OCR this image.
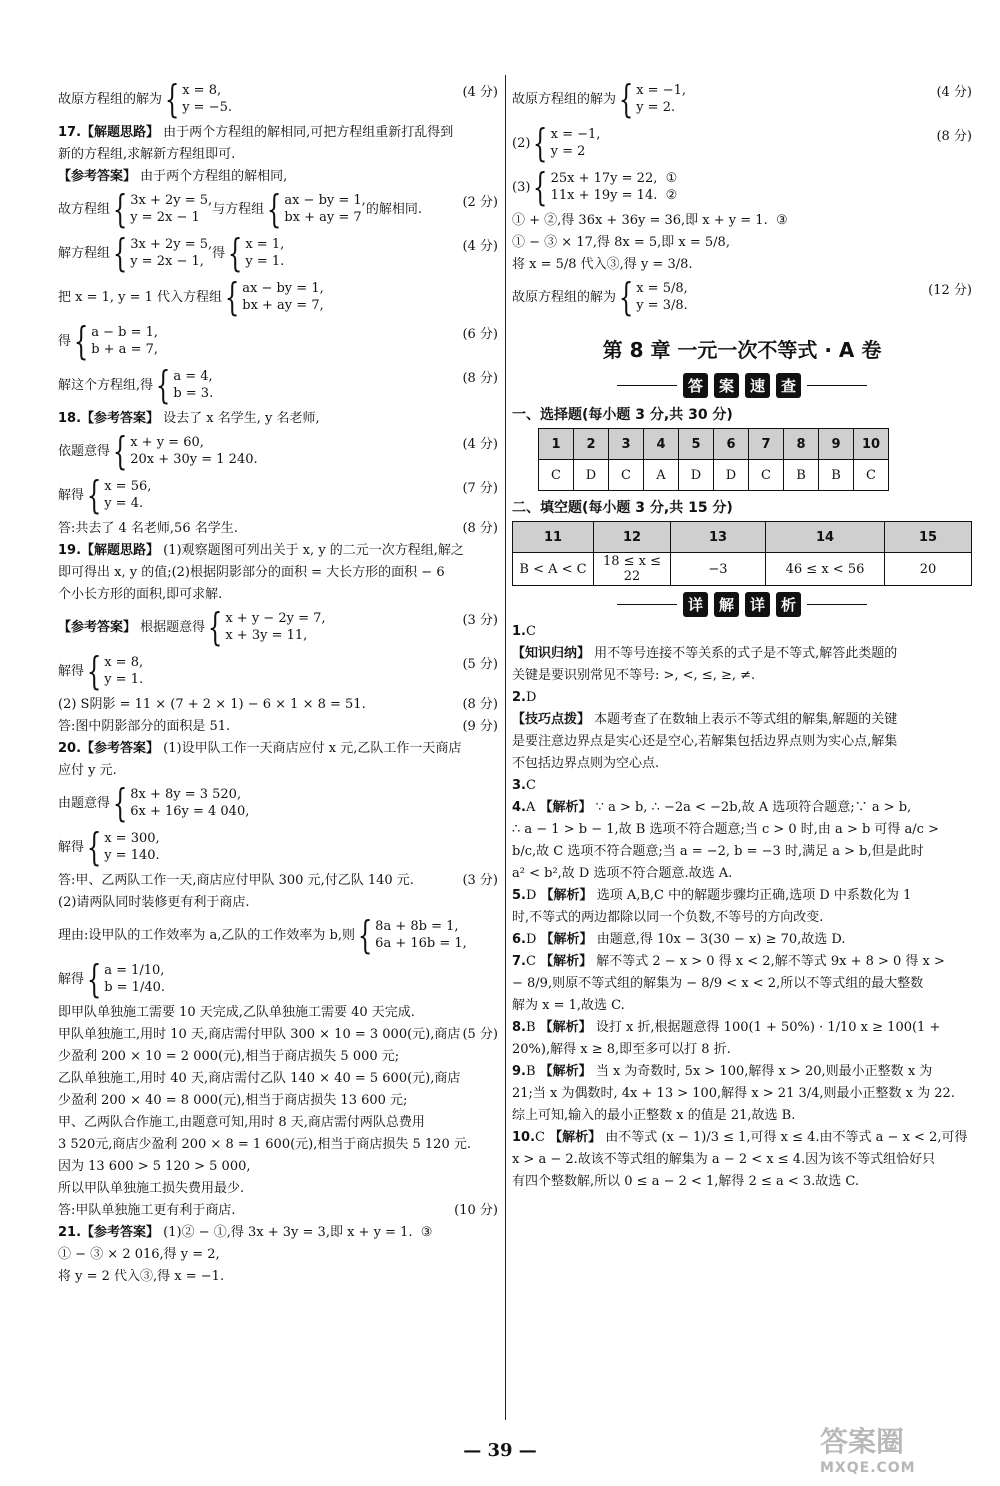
故原方程组的解为 { x = 8,
y = −5.
(4 分)
17.【解题思路】 由于两个方程组的解相同,可把方程组重新打乱得到
新的方程组,求解新方程组即可.
【参考答案】 由于两个方程组的解相同,
故方程组 { 3x + 2y = 5,
y = 2x − 1
与方程组 { ax − by = 1,
bx + ay = 7
的解相同.	(2 分)
解方程组 { 3x + 2y = 5,
y = 2x − 1,
得 { x = 1,
y = 1.
(4 分)
把 x = 1, y = 1 代入方程组 { ax − by = 1,
bx + ay = 7,
得 { a − b = 1,
b + a = 7,
(6 分)
解这个方程组,得 { a = 4,
b = 3.
(8 分)
18.【参考答案】 设去了 x 名学生, y 名老师,
依题意得 { x + y = 60,
20x + 30y = 1 240.
(4 分)
解得 { x = 56,
y = 4.
(7 分)
答:共去了 4 名老师,56 名学生.	(8 分)
19.【解题思路】 (1)观察题图可列出关于 x, y 的二元一次方程组,解之
即可得出 x, y 的值;(2)根据阴影部分的面积 = 大长方形的面积 − 6
个小长方形的面积,即可求解.
【参考答案】 根据题意得 { x + y − 2y = 7,
x + 3y = 11,
(3 分)
解得 { x = 8,
y = 1.
(5 分)
(2) S阴影 = 11 × (7 + 2 × 1) − 6 × 1 × 8 = 51.	(8 分)
答:图中阴影部分的面积是 51.	(9 分)
20.【参考答案】 (1)设甲队工作一天商店应付 x 元,乙队工作一天商店
应付 y 元.
由题意得 { 8x + 8y = 3 520,
6x + 16y = 4 040,
解得 { x = 300,
y = 140.
答:甲、乙两队工作一天,商店应付甲队 300 元,付乙队 140 元.	(3 分)
(2)请两队同时装修更有利于商店.
理由:设甲队的工作效率为 a,乙队的工作效率为 b,则 { 8a + 8b = 1,
6a + 16b = 1,
解得 { a = 1/10,
b = 1/40.
即甲队单独施工需要 10 天完成,乙队单独施工需要 40 天完成.
(5 分)
甲队单独施工,用时 10 天,商店需付甲队 300 × 10 = 3 000(元),商店
少盈利 200 × 10 = 2 000(元),相当于商店损失 5 000 元;
乙队单独施工,用时 40 天,商店需付乙队 140 × 40 = 5 600(元),商店
少盈利 200 × 40 = 8 000(元),相当于商店损失 13 600 元;
甲、乙两队合作施工,由题意可知,用时 8 天,商店需付两队总费用
3 520元,商店少盈利 200 × 8 = 1 600(元),相当于商店损失 5 120 元.
因为 13 600 > 5 120 > 5 000,
所以甲队单独施工损失费用最少.
答:甲队单独施工更有利于商店.	(10 分)
21.【参考答案】 (1)② − ①,得 3x + 3y = 3,即 x + y = 1.  ③
① − ③ × 2 016,得 y = 2,
将 y = 2 代入③,得 x = −1.
故原方程组的解为 { x = −1,
y = 2.
(4 分)
(2) { x = −1,
y = 2
(8 分)
(3) { 25x + 17y = 22,  ①
11x + 19y = 14.  ②
① + ②,得 36x + 36y = 36,即 x + y = 1.  ③
① − ③ × 17,得 8x = 5,即 x = 5/8,
将 x = 5/8 代入③,得 y = 3/8.
故原方程组的解为 { x = 5/8,
y = 3/8.
(12 分)
第 8 章 一元一次不等式 · A 卷
答	案	速	查
一、选择题(每小题 3 分,共 30 分)
1	2	3	4	5	6	7	8	9	10
C	D	C	A	D	D	C	B	B	C
二、填空题(每小题 3 分,共 15 分)
11	12	13	14	15
B < A < C	18 ≤ x ≤ 22	−3	46 ≤ x < 56	20
详	解	详	析
1.C
【知识归纳】 用不等号连接不等关系的式子是不等式,解答此类题的
关键是要识别常见不等号: >, <, ≤, ≥, ≠.
2.D
【技巧点拨】 本题考查了在数轴上表示不等式组的解集,解题的关键
是要注意边界点是实心还是空心,若解集包括边界点则为实心点,解集
不包括边界点则为空心点.
3.C
4.A 【解析】 ∵ a > b, ∴ −2a < −2b,故 A 选项符合题意;∵ a > b,
∴ a − 1 > b − 1,故 B 选项不符合题意;当 c > 0 时,由 a > b 可得 a/c >
b/c,故 C 选项不符合题意;当 a = −2, b = −3 时,满足 a > b,但是此时
a² < b²,故 D 选项不符合题意.故选 A.
5.D 【解析】 选项 A,B,C 中的解题步骤均正确,选项 D 中系数化为 1
时,不等式的两边都除以同一个负数,不等号的方向改变.
6.D 【解析】 由题意,得 10x − 3(30 − x) ≥ 70,故选 D.
7.C 【解析】 解不等式 2 − x > 0 得 x < 2,解不等式 9x + 8 > 0 得 x >
− 8/9,则原不等式组的解集为 − 8/9 < x < 2,所以不等式组的最大整数
解为 x = 1,故选 C.
8.B 【解析】 设打 x 折,根据题意得 100(1 + 50%) · 1/10 x ≥ 100(1 +
20%),解得 x ≥ 8,即至多可以打 8 折.
9.B 【解析】 当 x 为奇数时, 5x > 100,解得 x > 20,则最小正整数 x 为
21;当 x 为偶数时, 4x + 13 > 100,解得 x > 21 3/4,则最小正整数 x 为 22.
综上可知,输入的最小正整数 x 的值是 21,故选 B.
10.C 【解析】 由不等式 (x − 1)/3 ≤ 1,可得 x ≤ 4.由不等式 a − x < 2,可得
x > a − 2.故该不等式组的解集为 a − 2 < x ≤ 4.因为该不等式组恰好只
有四个整数解,所以 0 ≤ a − 2 < 1,解得 2 ≤ a < 3.故选 C.
— 39 —	答案圈
MXQE.COM
